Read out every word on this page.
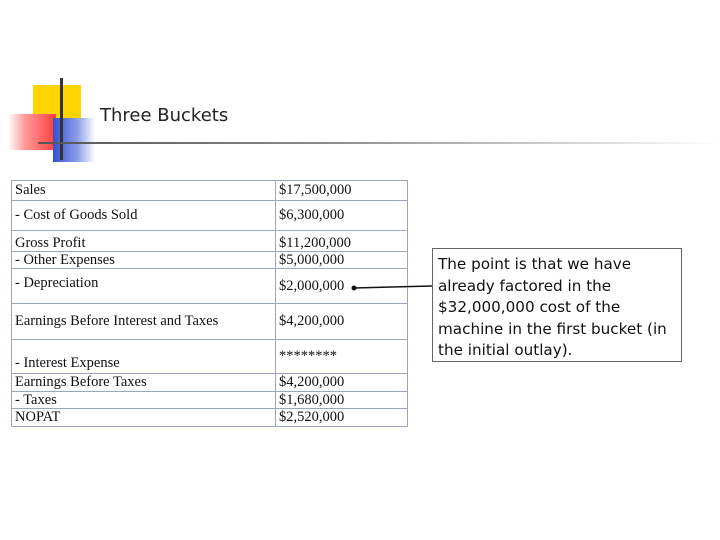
Three Buckets
Sales	$17,500,000
- Cost of Goods Sold	$6,300,000
Gross Profit	$11,200,000
- Other Expenses	$5,000,000
- Depreciation	$2,000,000
Earnings Before Interest and Taxes	$4,200,000
- Interest Expense	********
Earnings Before Taxes	$4,200,000
- Taxes	$1,680,000
NOPAT	$2,520,000
The point is that we have already factored in the $32,000,000 cost of the machine in the first bucket (in the initial outlay).
